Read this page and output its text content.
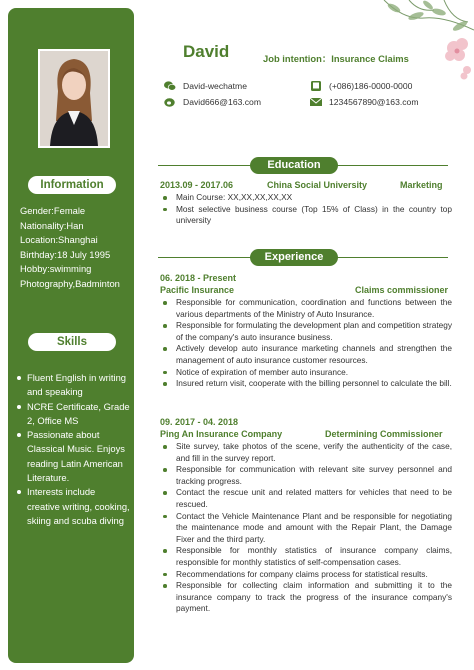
Information
Gender:Female
Nationality:Han
Location:Shanghai
Birthday:18 July 1995
Hobby:swimming
Photography,Badminton
Skills
Fluent English in writing and speaking
NCRE Certificate, Grade 2, Office MS
Passionate about Classical Music. Enjoys reading Latin American Literature.
Interests include creative writing, cooking, skiing and scuba diving
David	Job intention：Insurance Claims
David-wechatme	(+086)186-0000-0000
David666@163.com	1234567890@163.com
Education
2013.09 - 2017.06	China Social University	Marketing
Main Course: XX,XX,XX,XX,XX
Most selective business course (Top 15% of Class) in the country top university
Experience
06. 2018 - Present
Pacific Insurance	Claims commissioner
Responsible for communication, coordination and functions between the various departments of the Ministry of Auto Insurance.
Responsible for formulating the development plan and competition strategy of the company's auto insurance business.
Actively develop auto insurance marketing channels and strengthen the management of auto insurance customer resources.
Notice of expiration of member auto insurance.
Insured return visit, cooperate with the billing personnel to calculate the bill.
09. 2017 - 04. 2018
Ping An Insurance Company	Determining Commissioner
Site survey, take photos of the scene, verify the authenticity of the case, and fill in the survey report.
Responsible for communication with relevant site survey personnel and tracking progress.
Contact the rescue unit and related matters for vehicles that need to be rescued.
Contact the Vehicle Maintenance Plant and be responsible for negotiating the maintenance mode and amount with the Repair Plant, the Damage Fixer and the third party.
Responsible for monthly statistics of insurance company claims, responsible for monthly statistics of self-compensation cases.
Recommendations for company claims process for statistical results.
Responsible for collecting claim information and submitting it to the insurance company to track the progress of the insurance company's payment.
